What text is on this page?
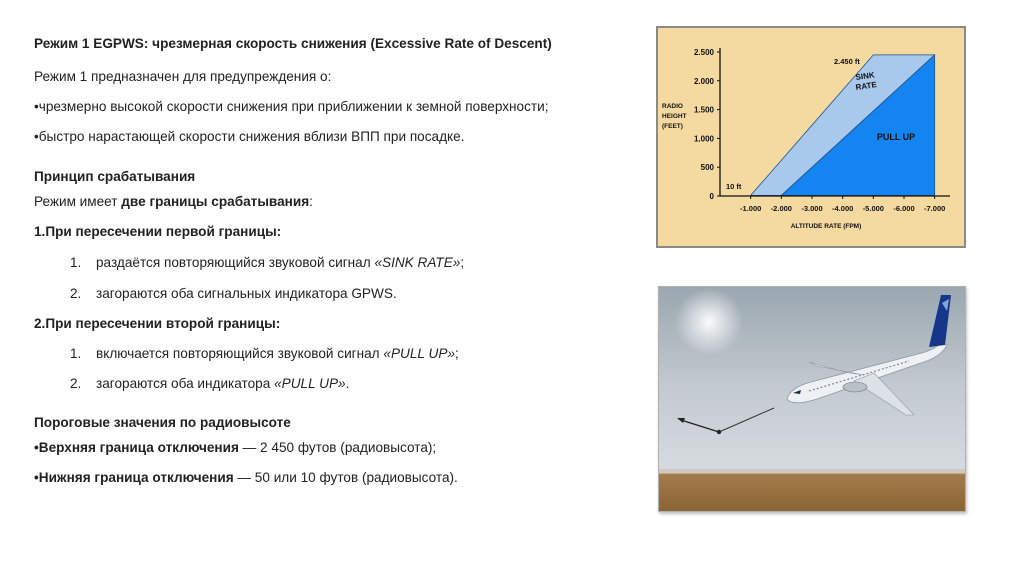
Режим 1 EGPWS: чрезмерная скорость снижения (Excessive Rate of Descent)
Режим 1 предназначен для предупреждения о:
•чрезмерно высокой скорости снижения при приближении к земной поверхности;
•быстро нарастающей скорости снижения вблизи ВПП при посадке.
Принцип срабатывания
Режим имеет две границы срабатывания:
1.При пересечении первой границы:
1. раздаётся повторяющийся звуковой сигнал «SINK RATE»;
2. загораются оба сигнальных индикатора GPWS.
2.При пересечении второй границы:
1. включается повторяющийся звуковой сигнал «PULL UP»;
2. загораются оба индикатора «PULL UP».
Пороговые значения по радиовысоте
•Верхняя граница отключения — 2 450 футов (радиовысота);
•Нижняя граница отключения — 50 или 10 футов (радиовысота).
2.500
2.000
1.500
1.000
500
0
-1.000 -2.000 -3.000 -4.000 -5.000 -6.000 -7.000
RADIO
HEIGHT
(FEET)
ALTITUDE RATE (FPM)
2.450 ft
10 ft
SINK
RATE
PULL UP
